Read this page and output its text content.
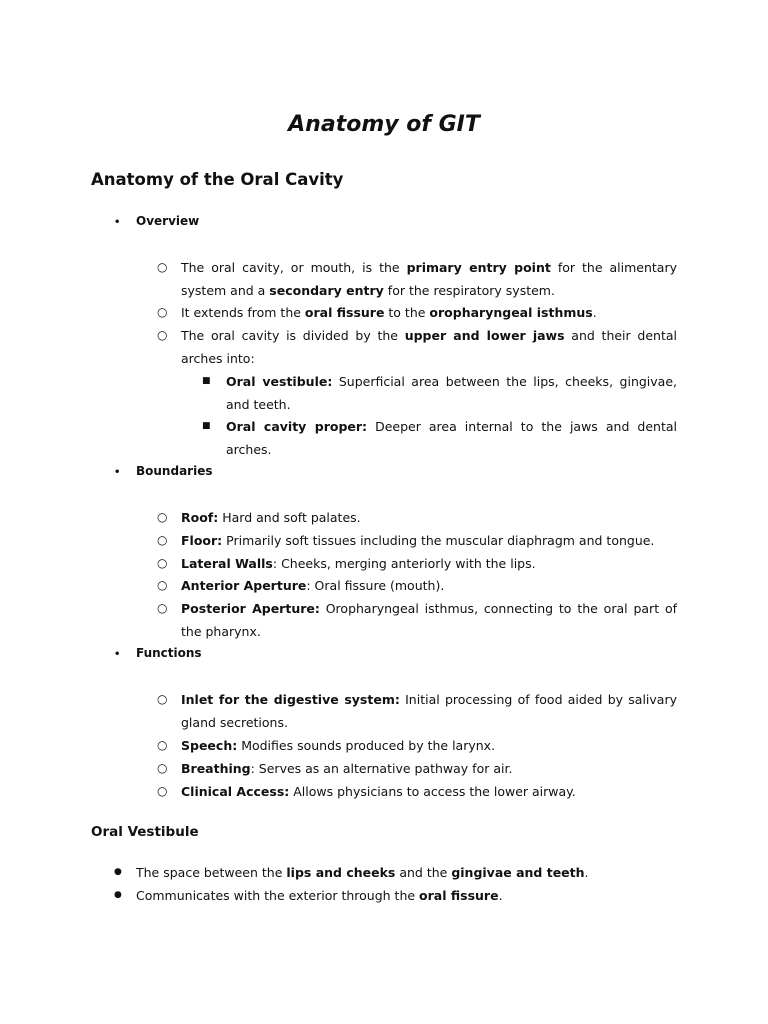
Anatomy of GIT
Anatomy of the Oral Cavity
• Overview
○	The oral cavity, or mouth, is the primary entry point for the alimentary system and a secondary entry for the respiratory system.
○	It extends from the oral fissure to the oropharyngeal isthmus.
○	The oral cavity is divided by the upper and lower jaws and their dental arches into:
■ Oral vestibule: Superficial area between the lips, cheeks, gingivae, and teeth.
■ Oral cavity proper: Deeper area internal to the jaws and dental arches.
• Boundaries
○	Roof: Hard and soft palates.
○	Floor: Primarily soft tissues including the muscular diaphragm and tongue.
○	Lateral Walls: Cheeks, merging anteriorly with the lips.
○	Anterior Aperture: Oral fissure (mouth).
○	Posterior Aperture: Oropharyngeal isthmus, connecting to the oral part of the pharynx.
• Functions
○	Inlet for the digestive system: Initial processing of food aided by salivary gland secretions.
○	Speech: Modifies sounds produced by the larynx.
○	Breathing: Serves as an alternative pathway for air.
○	Clinical Access: Allows physicians to access the lower airway.
Oral Vestibule
● The space between the lips and cheeks and the gingivae and teeth.
● Communicates with the exterior through the oral fissure.
